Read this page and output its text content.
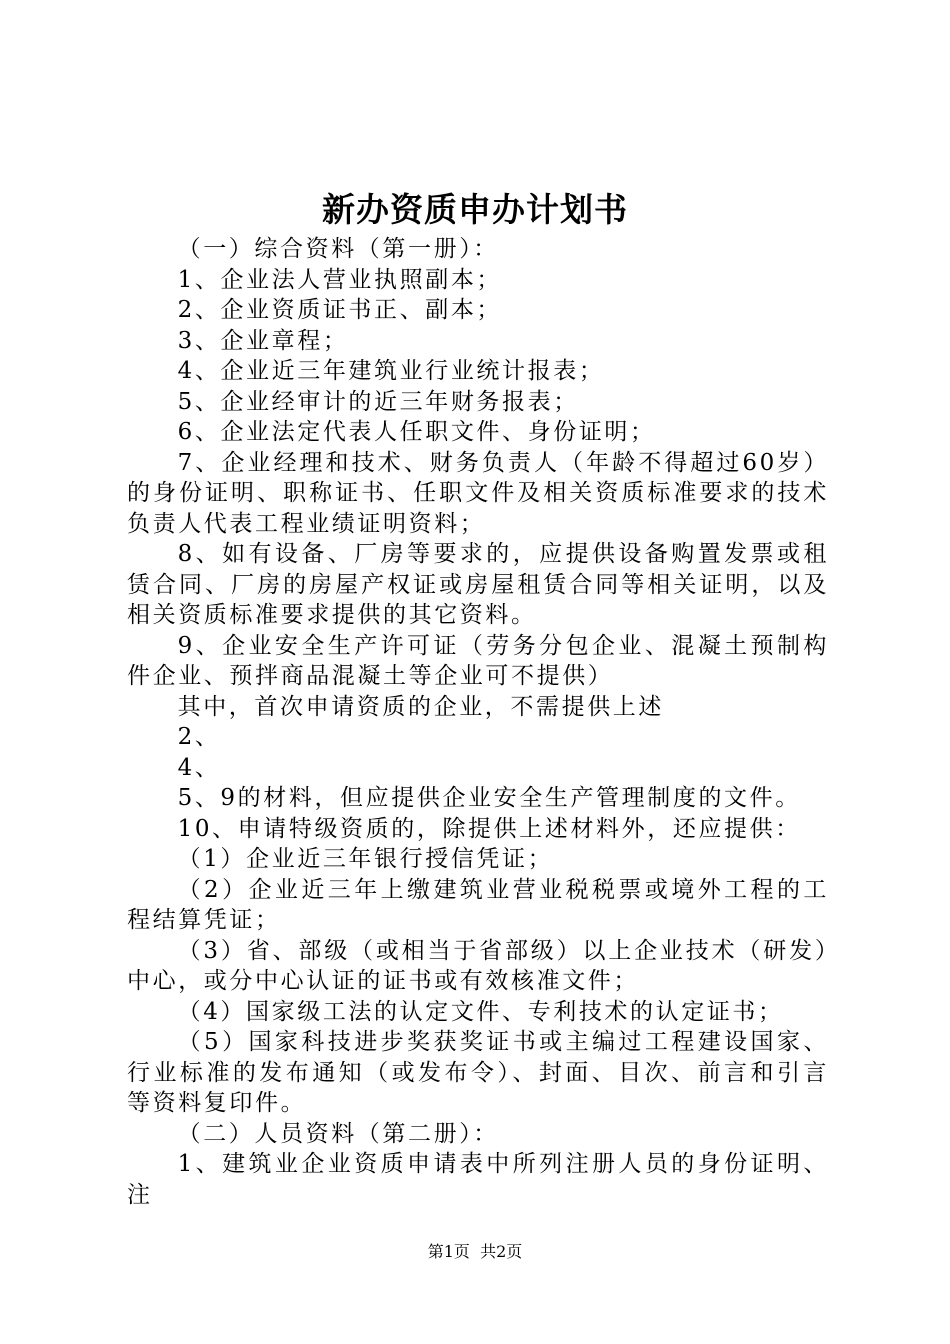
新办资质申办计划书

（一）综合资料（第一册）：

1、企业法人营业执照副本；

2、企业资质证书正、副本；

3、企业章程；

4、企业近三年建筑业行业统计报表；

5、企业经审计的近三年财务报表；

6、企业法定代表人任职文件、身份证明；

7、企业经理和技术、财务负责人（年龄不得超过60岁）的身份证明、职称证书、任职文件及相关资质标准要求的技术负责人代表工程业绩证明资料；

8、如有设备、厂房等要求的，应提供设备购置发票或租赁合同、厂房的房屋产权证或房屋租赁合同等相关证明，以及相关资质标准要求提供的其它资料。

9、企业安全生产许可证（劳务分包企业、混凝土预制构件企业、预拌商品混凝土等企业可不提供）

其中，首次申请资质的企业，不需提供上述

2、

4、

5、9的材料，但应提供企业安全生产管理制度的文件。

10、申请特级资质的，除提供上述材料外，还应提供：

（1）企业近三年银行授信凭证；

（2）企业近三年上缴建筑业营业税税票或境外工程的工程结算凭证；

（3）省、部级（或相当于省部级）以上企业技术（研发）中心，或分中心认证的证书或有效核准文件；

（4）国家级工法的认定文件、专利技术的认定证书；

（5）国家科技进步奖获奖证书或主编过工程建设国家、行业标准的发布通知（或发布令）、封面、目次、前言和引言等资料复印件。

（二）人员资料（第二册）：

1、建筑业企业资质申请表中所列注册人员的身份证明、注

第1页  共2页
